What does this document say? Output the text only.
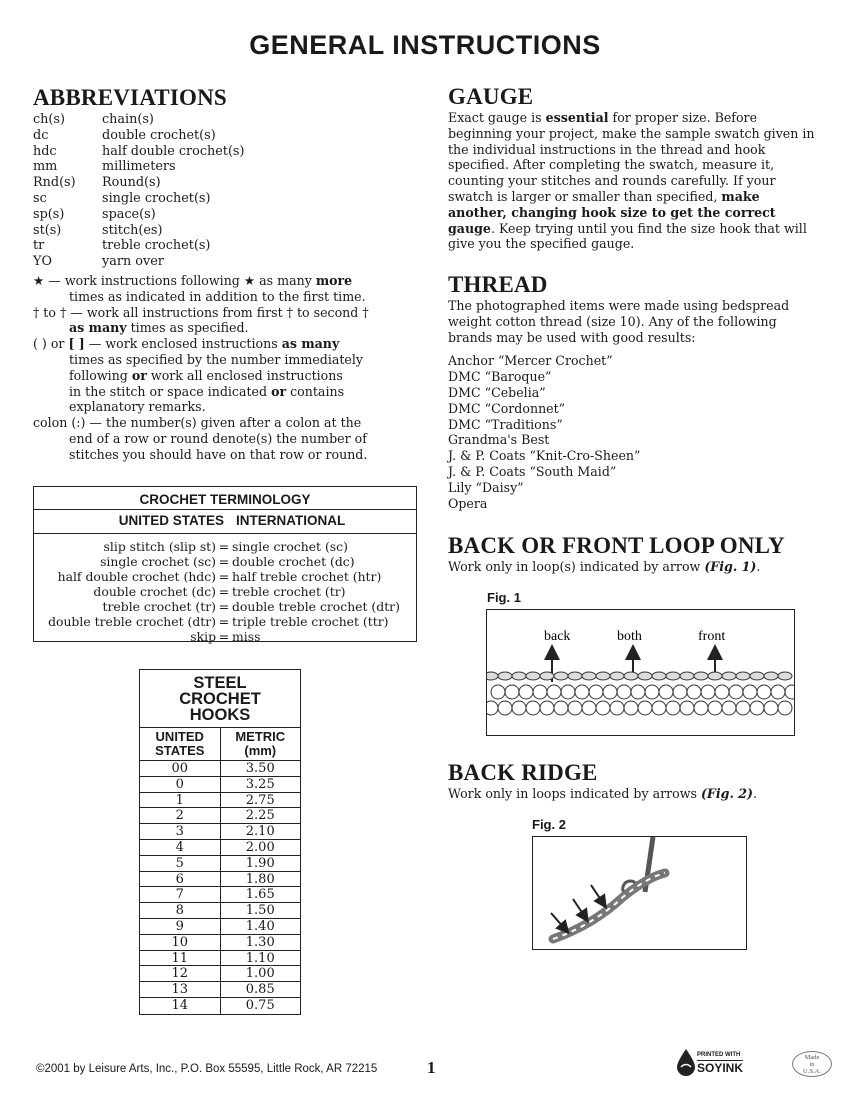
GENERAL INSTRUCTIONS
ABBREVIATIONS
ch(s)	chain(s)
dc	double crochet(s)
hdc	half double crochet(s)
mm	millimeters
Rnd(s)	Round(s)
sc	single crochet(s)
sp(s)	space(s)
st(s)	stitch(es)
tr	treble crochet(s)
YO	yarn over
★ — work instructions following ★ as many more
times as indicated in addition to the first time.
† to † — work all instructions from first † to second †
as many times as specified.
( ) or [ ] — work enclosed instructions as many
times as specified by the number immediately
following or work all enclosed instructions
in the stitch or space indicated or contains
explanatory remarks.
colon (:) — the number(s) given after a colon at the
end of a row or round denote(s) the number of
stitches you should have on that row or round.
CROCHET TERMINOLOGY
UNITED STATES INTERNATIONAL
slip stitch (slip st) = single crochet (sc)
single crochet (sc) = double crochet (dc)
half double crochet (hdc) = half treble crochet (htr)
double crochet (dc) = treble crochet (tr)
treble crochet (tr) = double treble crochet (dtr)
double treble crochet (dtr) = triple treble crochet (ttr)
skip = miss
STEEL
CROCHET
HOOKS
UNITED
STATES
METRIC
(mm)
00	3.50
0	3.25
1	2.75
2	2.25
3	2.10
4	2.00
5	1.90
6	1.80
7	1.65
8	1.50
9	1.40
10	1.30
11	1.10
12	1.00
13	0.85
14	0.75
GAUGE
Exact gauge is essential for proper size. Before
beginning your project, make the sample swatch given in
the individual instructions in the thread and hook
specified. After completing the swatch, measure it,
counting your stitches and rounds carefully. If your
swatch is larger or smaller than specified, make
another, changing hook size to get the correct
gauge. Keep trying until you find the size hook that will
give you the specified gauge.
THREAD
The photographed items were made using bedspread
weight cotton thread (size 10). Any of the following
brands may be used with good results:
Anchor “Mercer Crochet”
DMC “Baroque”
DMC “Cebelia”
DMC “Cordonnet”
DMC “Traditions”
Grandma's Best
J. & P. Coats “Knit-Cro-Sheen”
J. & P. Coats “South Maid”
Lily “Daisy”
Opera
BACK OR FRONT LOOP ONLY
Work only in loop(s) indicated by arrow (Fig. 1).
Fig. 1
back	both	front
BACK RIDGE
Work only in loops indicated by arrows (Fig. 2).
Fig. 2
©2001 by Leisure Arts, Inc., P.O. Box 55595, Little Rock, AR 72215	1
PRINTED WITH
SOYINK
Made
in
U.S.A.
